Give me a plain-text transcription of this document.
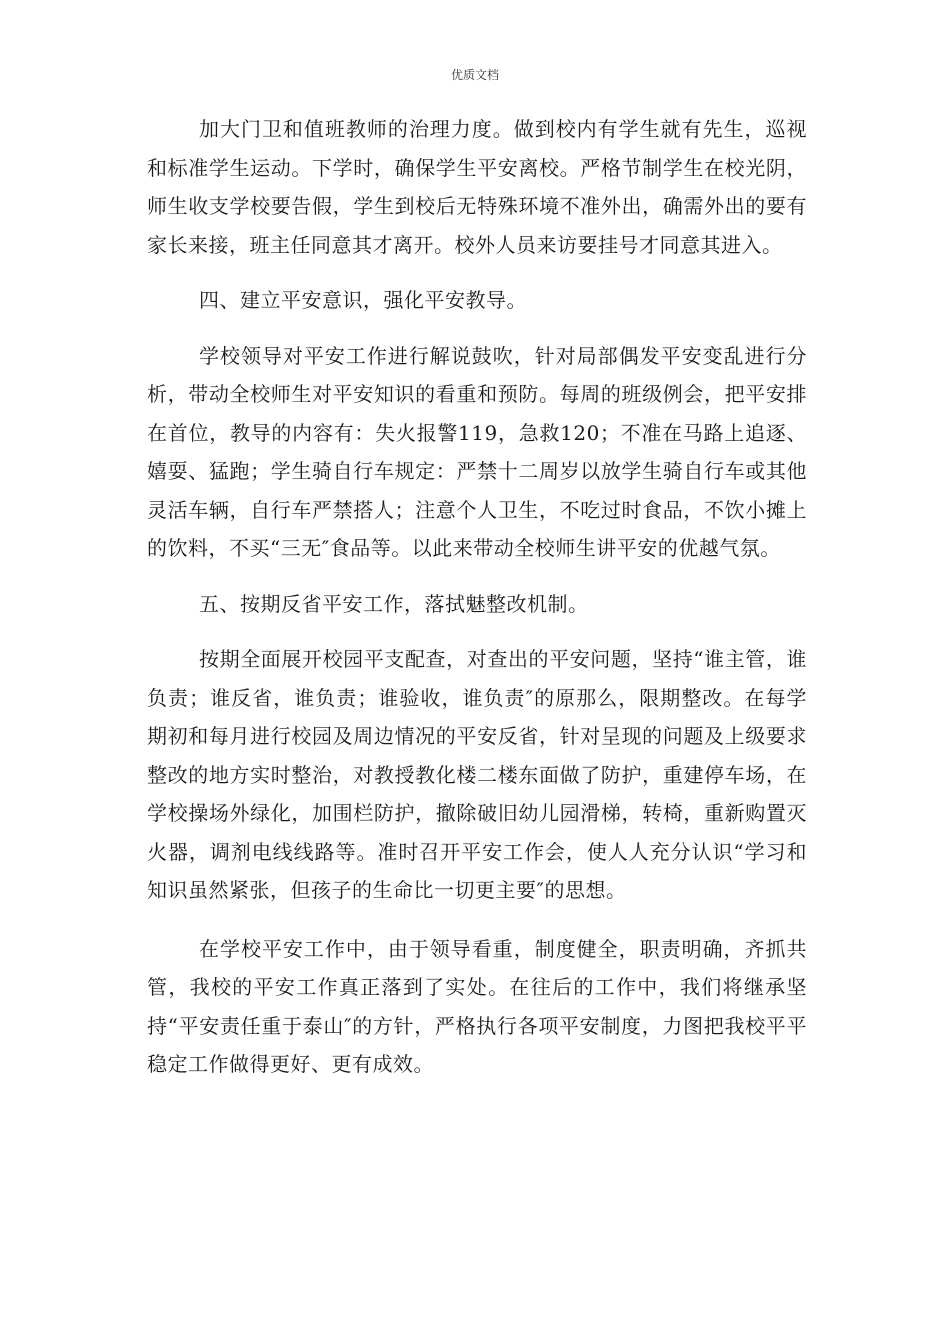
优质文档

加大门卫和值班教师的治理力度。做到校内有学生就有先生，巡视和标准学生运动。下学时，确保学生平安离校。严格节制学生在校光阴，师生收支学校要告假，学生到校后无特殊环境不准外出，确需外出的要有家长来接，班主任同意其才离开。校外人员来访要挂号才同意其进入。

四、建立平安意识，强化平安教导。

学校领导对平安工作进行解说鼓吹，针对局部偶发平安变乱进行分析，带动全校师生对平安知识的看重和预防。每周的班级例会，把平安排在首位，教导的内容有：失火报警119，急救120；不准在马路上追逐、嬉耍、猛跑；学生骑自行车规定：严禁十二周岁以放学生骑自行车或其他灵活车辆，自行车严禁搭人；注意个人卫生，不吃过时食品，不饮小摊上的饮料，不买“三无″食品等。以此来带动全校师生讲平安的优越气氛。

五、按期反省平安工作，落拭魅整改机制。

按期全面展开校园平支配查，对查出的平安问题，坚持“谁主管，谁负责；谁反省，谁负责；谁验收，谁负责″的原那么，限期整改。在每学期初和每月进行校园及周边情况的平安反省，针对呈现的问题及上级要求整改的地方实时整治，对教授教化楼二楼东面做了防护，重建停车场，在学校操场外绿化，加围栏防护，撤除破旧幼儿园滑梯，转椅，重新购置灭火器，调剂电线线路等。准时召开平安工作会，使人人充分认识“学习和知识虽然紧张，但孩子的生命比一切更主要″的思想。

在学校平安工作中，由于领导看重，制度健全，职责明确，齐抓共管，我校的平安工作真正落到了实处。在往后的工作中，我们将继承坚持“平安责任重于泰山″的方针，严格执行各项平安制度，力图把我校平平稳定工作做得更好、更有成效。
